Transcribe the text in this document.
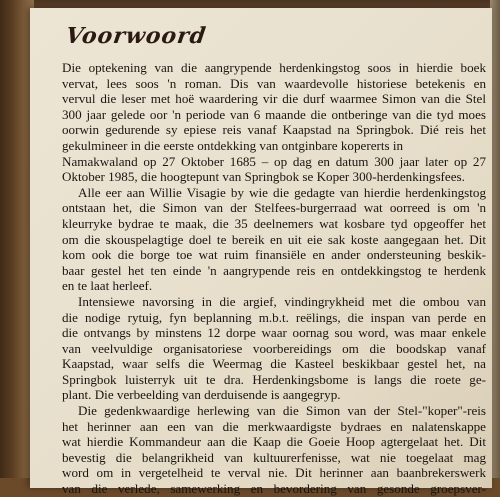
Voorwoord
Die optekening van die aangrypende herdenkingstog soos in hierdie boek
vervat, lees soos 'n roman. Dis van waardevolle historiese betekenis en
vervul die leser met hoë waardering vir die durf waarmee Simon van die Stel
300 jaar gelede oor 'n periode van 6 maande die ontberinge van die tyd moes
oorwin gedurende sy epiese reis vanaf Kaapstad na Springbok. Dié reis het
gekulmineer in die eerste ontdekking van ontginbare kopererts in
Namakwaland op 27 Oktober 1685 – op dag en datum 300 jaar later op 27
Oktober 1985, die hoogtepunt van Springbok se Koper 300-herdenkingsfees.
Alle eer aan Willie Visagie by wie die gedagte van hierdie herdenkingstog
ontstaan het, die Simon van der Stelfees-burgerraad wat oorreed is om 'n
kleurryke bydrae te maak, die 35 deelnemers wat kosbare tyd opgeoffer het
om die skouspelagtige doel te bereik en uit eie sak koste aangegaan het. Dit
kom ook die borge toe wat ruim finansiële en ander ondersteuning beskik-
baar gestel het ten einde 'n aangrypende reis en ontdekkingstog te herdenk
en te laat herleef.
Intensiewe navorsing in die argief, vindingrykheid met die ombou van
die nodige rytuig, fyn beplanning m.b.t. reëlings, die inspan van perde en
die ontvangs by minstens 12 dorpe waar oornag sou word, was maar enkele
van veelvuldige organisatoriese voorbereidings om die boodskap vanaf
Kaapstad, waar selfs die Weermag die Kasteel beskikbaar gestel het, na
Springbok luisterryk uit te dra. Herdenkingsbome is langs die roete ge-
plant. Die verbeelding van derduisende is aangegryp.
Die gedenkwaardige herlewing van die Simon van der Stel-"koper"-reis
het herinner aan een van die merkwaardigste bydraes en nalatenskappe
wat hierdie Kommandeur aan die Kaap die Goeie Hoop agtergelaat het. Dit
bevestig die belangrikheid van kultuurerfenisse, wat nie toegelaat mag
word om in vergetelheid te verval nie. Dit herinner aan baanbrekerswerk
van die verlede, samewerking en bevordering van gesonde groepsver-
